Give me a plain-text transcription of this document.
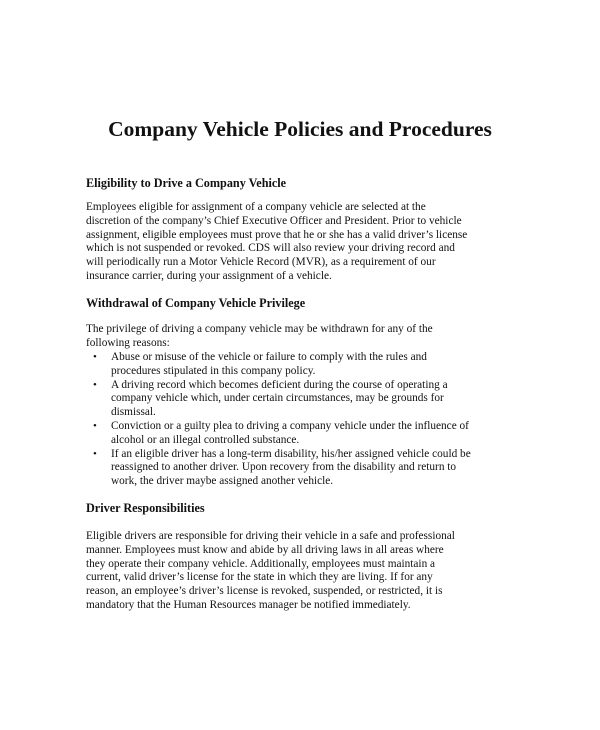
Company Vehicle Policies and Procedures
Eligibility to Drive a Company Vehicle

Employees eligible for assignment of a company vehicle are selected at the
discretion of the company’s Chief Executive Officer and President. Prior to vehicle
assignment, eligible employees must prove that he or she has a valid driver’s license
which is not suspended or revoked. CDS will also review your driving record and
will periodically run a Motor Vehicle Record (MVR), as a requirement of our
insurance carrier, during your assignment of a vehicle.

Withdrawal of Company Vehicle Privilege

The privilege of driving a company vehicle may be withdrawn for any of the
following reasons:

• Abuse or misuse of the vehicle or failure to comply with the rules and
procedures stipulated in this company policy.
• A driving record which becomes deficient during the course of operating a
company vehicle which, under certain circumstances, may be grounds for
dismissal.
• Conviction or a guilty plea to driving a company vehicle under the influence of
alcohol or an illegal controlled substance.
• If an eligible driver has a long-term disability, his/her assigned vehicle could be
reassigned to another driver. Upon recovery from the disability and return to
work, the driver maybe assigned another vehicle.
Driver Responsibilities

Eligible drivers are responsible for driving their vehicle in a safe and professional
manner. Employees must know and abide by all driving laws in all areas where
they operate their company vehicle. Additionally, employees must maintain a
current, valid driver’s license for the state in which they are living. If for any
reason, an employee’s driver’s license is revoked, suspended, or restricted, it is
mandatory that the Human Resources manager be notified immediately.
